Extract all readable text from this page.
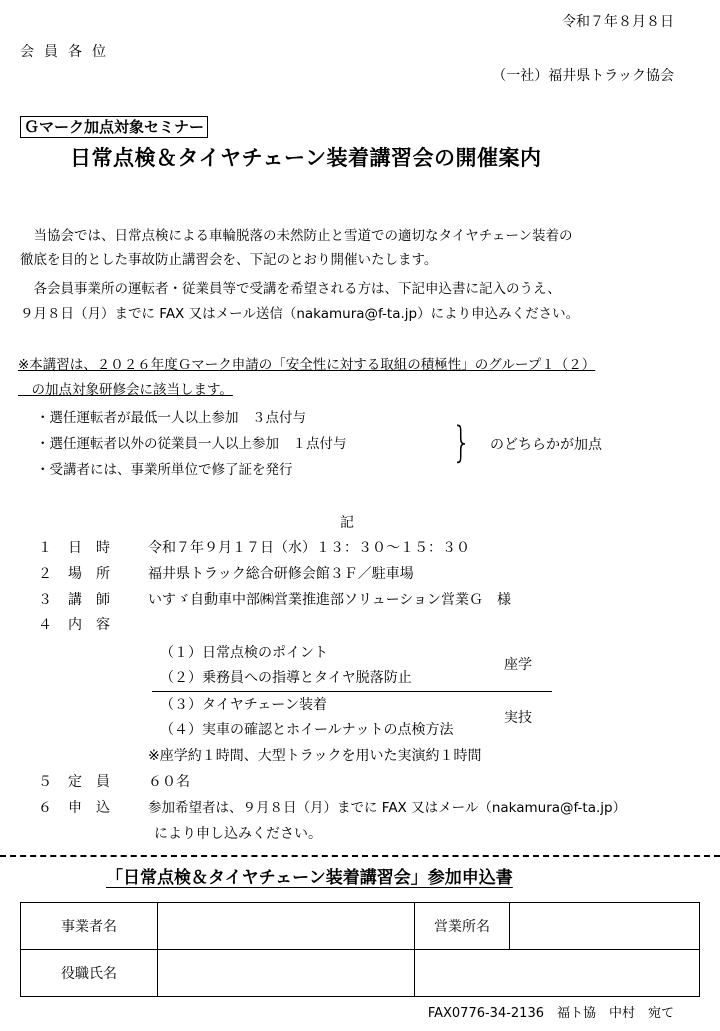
令和７年８月８日
会員各位
（一社）福井県トラック協会
Ｇマーク加点対象セミナー
日常点検＆タイヤチェーン装着講習会の開催案内
　当協会では、日常点検による車輪脱落の未然防止と雪道での適切なタイヤチェーン装着の
徹底を目的とした事故防止講習会を、下記のとおり開催いたします。
　各会員事業所の運転者・従業員等で受講を希望される方は、下記申込書に記入のうえ、
９月８日（月）までに FAX 又はメール送信（nakamura@f-ta.jp）により申込みください。
※本講習は、２０２６年度Ｇマーク申請の「安全性に対する取組の積極性」のグループ１（２）
　の加点対象研修会に該当します。
・選任運転者が最低一人以上参加　３点付与
・選任運転者以外の従業員一人以上参加　１点付与
・受講者には、事業所単位で修了証を発行
} のどちらかが加点
記
１ 日時 令和７年９月１７日（水）１３：３０～１５：３０
２ 場所 福井県トラック総合研修会館３Ｆ／駐車場
３ 講師 いすゞ自動車中部㈱営業推進部ソリューション営業Ｇ　様
４ 内容
（１）日常点検のポイント
（２）乗務員への指導とタイヤ脱落防止
座学
（３）タイヤチェーン装着
（４）実車の確認とホイールナットの点検方法
実技
※座学約１時間、大型トラックを用いた実演約１時間
５ 定員 ６０名
６ 申込 参加希望者は、９月８日（月）までに FAX 又はメール（nakamura@f-ta.jp）
により申し込みください。
「日常点検＆タイヤチェーン装着講習会」参加申込書
事業者名		営業所名	
役職氏名			
FAX0776-34-2136　福ト協　中村　宛て
